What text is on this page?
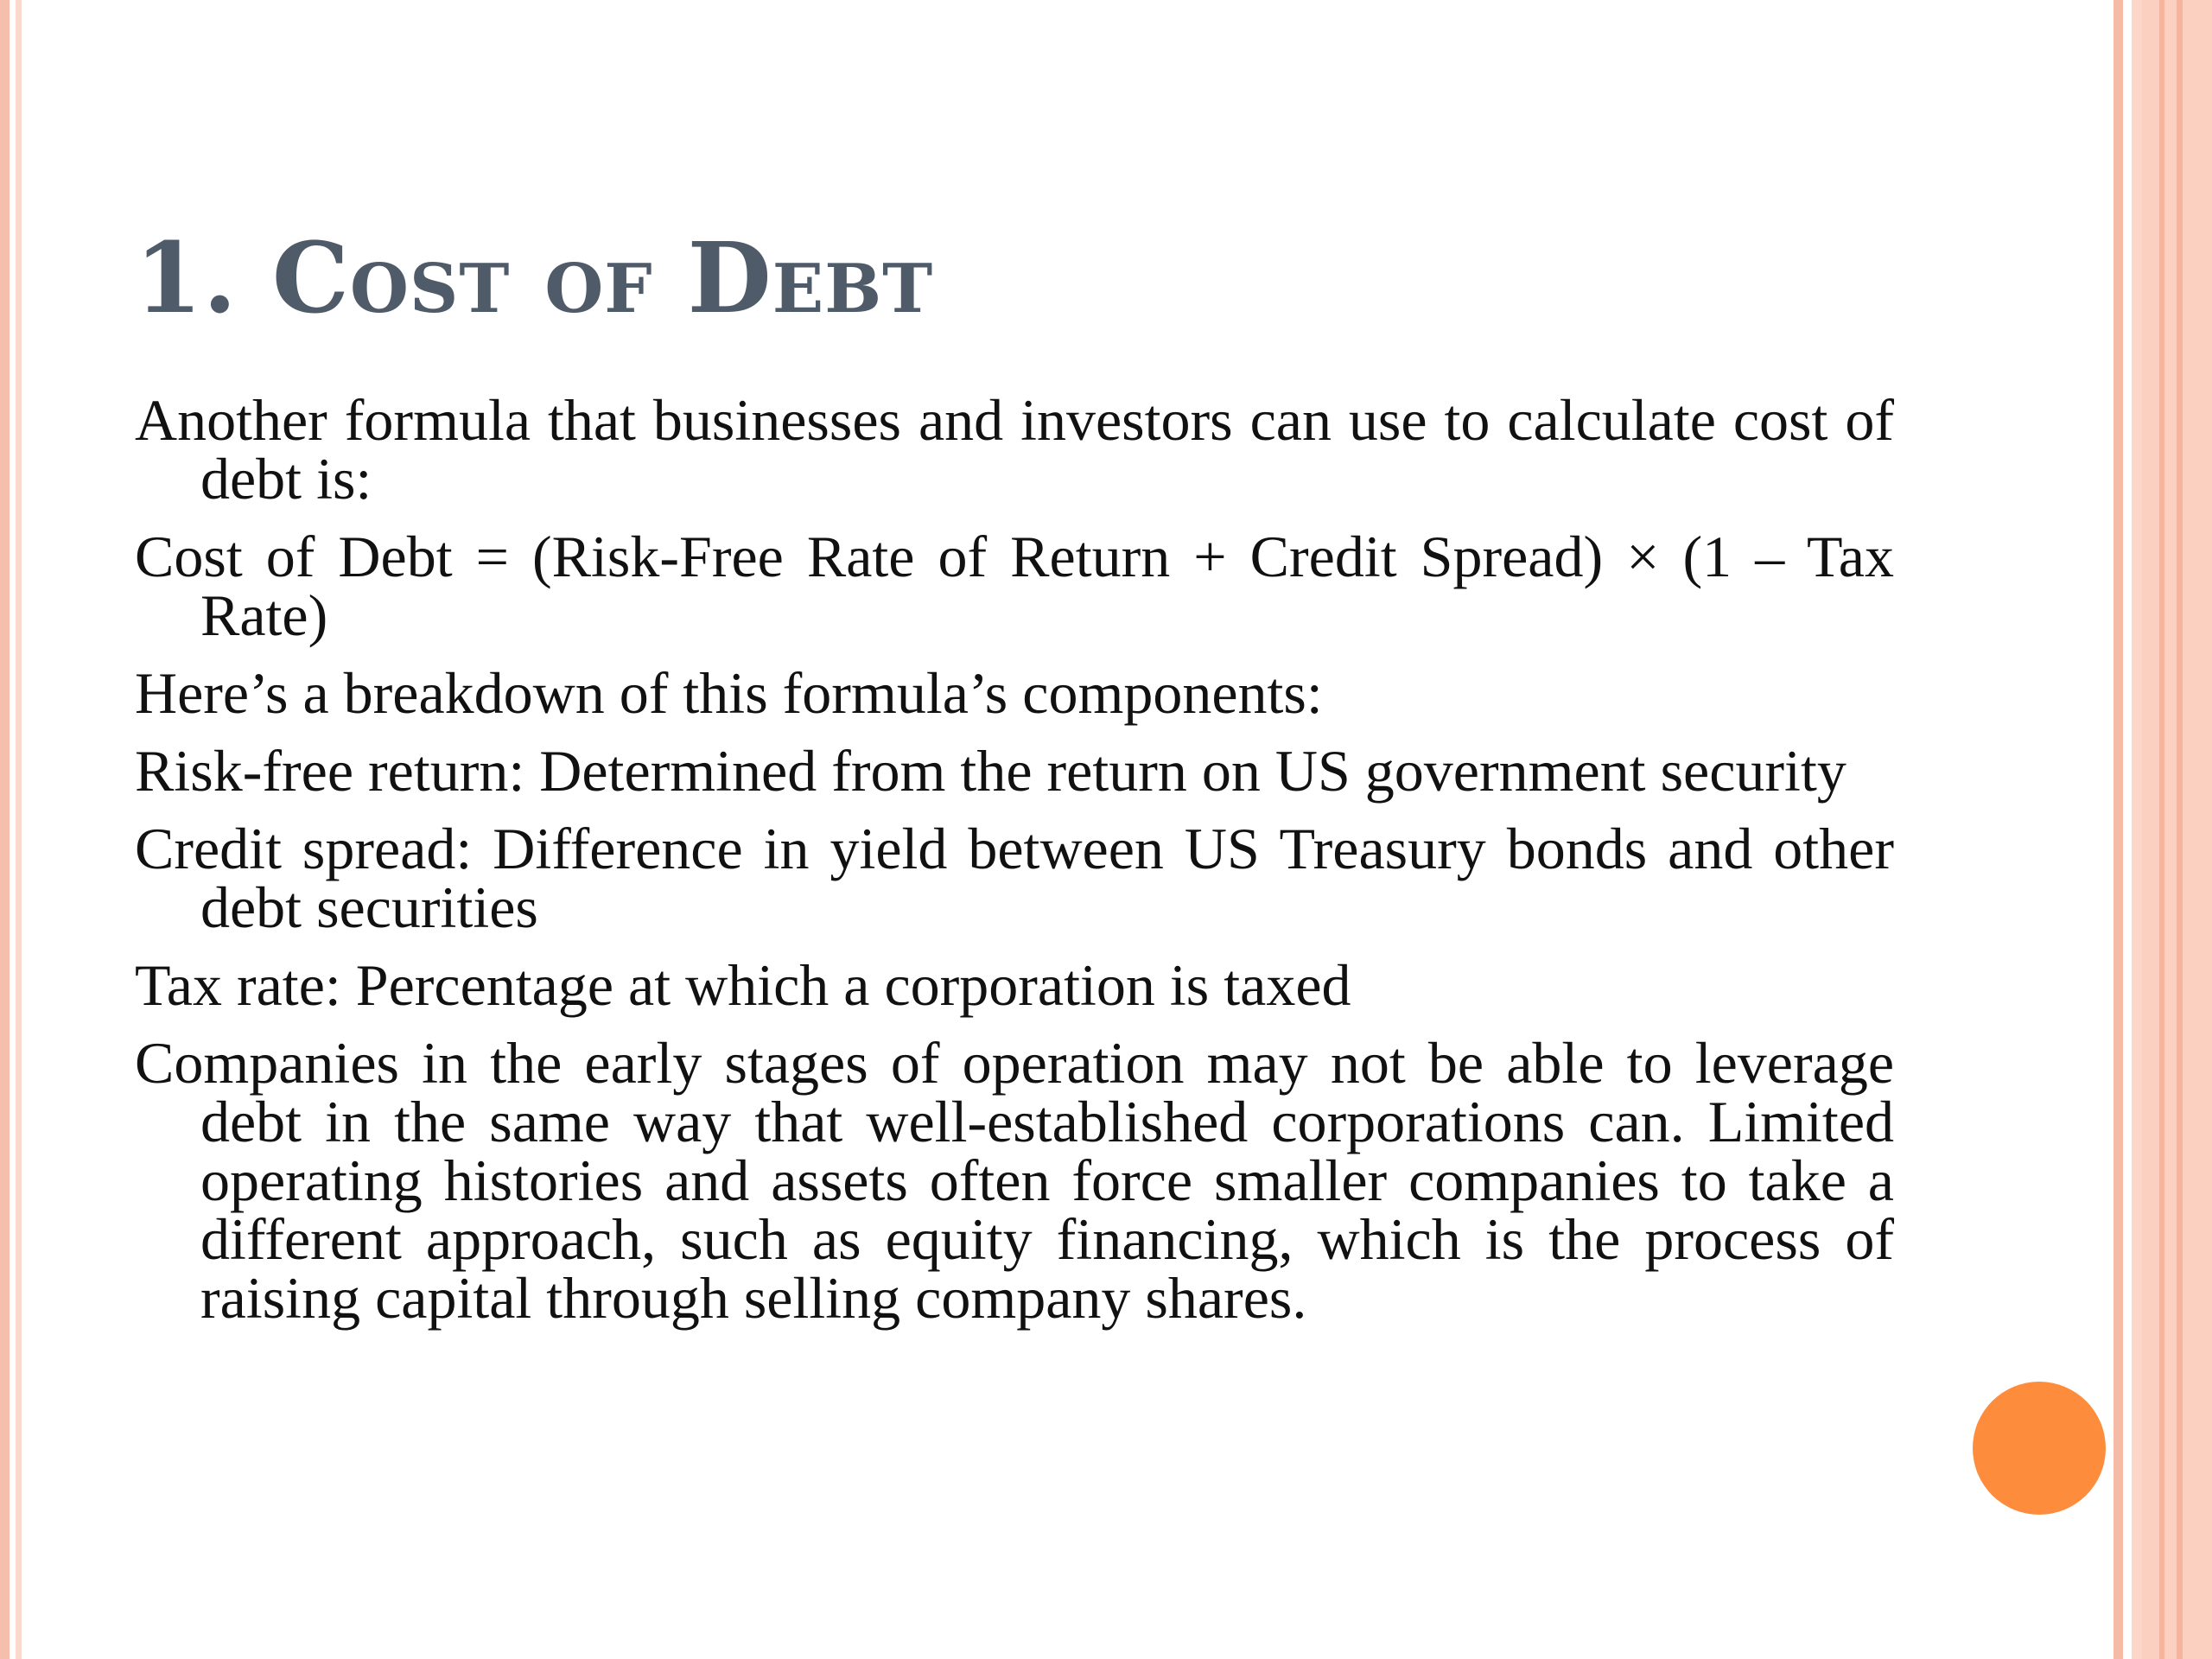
1. Cost of Debt

Another formula that businesses and investors can use to calculate cost of debt is:

Cost of Debt = (Risk-Free Rate of Return + Credit Spread) × (1 – Tax Rate)

Here’s a breakdown of this formula’s components:

Risk-free return: Determined from the return on US government security

Credit spread: Difference in yield between US Treasury bonds and other debt securities

Tax rate: Percentage at which a corporation is taxed

Companies in the early stages of operation may not be able to leverage debt in the same way that well-established corporations can. Limited operating histories and assets often force smaller companies to take a different approach, such as equity financing, which is the process of raising capital through selling company shares.
